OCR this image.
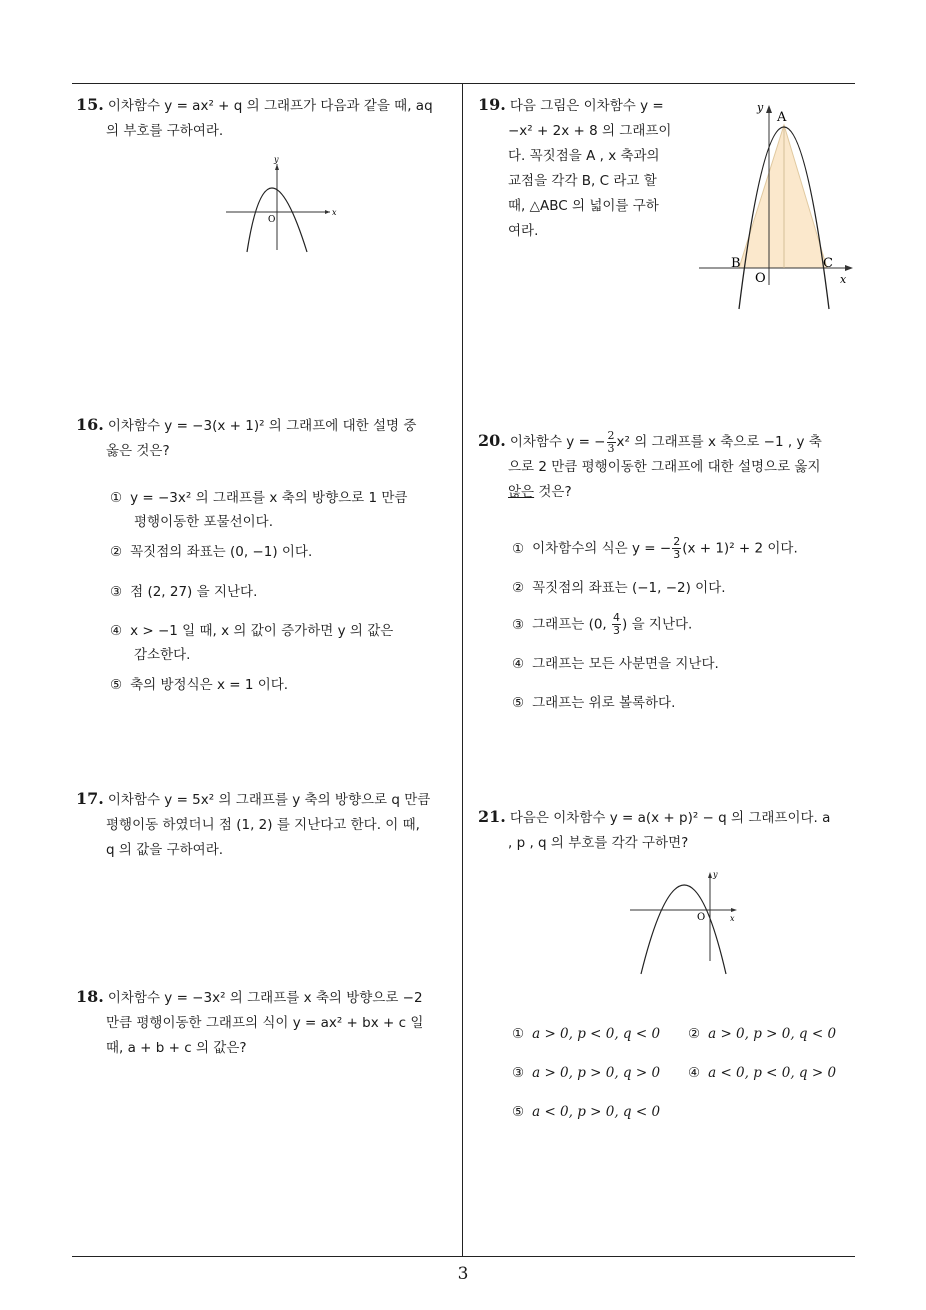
15. 이차함수 y = ax² + q 의 그래프가 다음과 같을 때, aq
의 부호를 구하여라.
y
x
O
16. 이차함수 y = −3(x + 1)² 의 그래프에 대한 설명 중
옳은 것은?
① y = −3x² 의 그래프를 x 축의 방향으로 1 만큼
평행이동한 포물선이다.
② 꼭짓점의 좌표는 (0, −1) 이다.
③ 점 (2, 27) 을 지난다.
④ x > −1 일 때, x 의 값이 증가하면 y 의 값은
감소한다.
⑤ 축의 방정식은 x = 1 이다.
17. 이차함수 y = 5x² 의 그래프를 y 축의 방향으로 q 만큼
평행이동 하였더니 점 (1, 2) 를 지난다고 한다. 이 때,
q 의 값을 구하여라.
18. 이차함수 y = −3x² 의 그래프를 x 축의 방향으로 −2
만큼 평행이동한 그래프의 식이 y = ax² + bx + c 일
때, a + b + c 의 값은?
19. 다음 그림은 이차함수 y =
−x² + 2x + 8 의 그래프이
다. 꼭짓점을 A , x 축과의
교점을 각각 B, C 라고 할
때, △ABC 의 넓이를 구하
여라.
y
A
B	C
O	x
20. 이차함수 y = − $\frac{2}{3} x^2$ 의 그래프를 x 축으로 −1 , y 축
으로 2 만큼 평행이동한 그래프에 대한 설명으로 옳지
않은 것은?
① 이차함수의 식은 y = − $\frac{2}{3} (x + 1)^2 + 2$ 이다.
② 꼭짓점의 좌표는 (−1, −2) 이다.
③ 그래프는 (0, $\frac{4}{3}$ ) 을 지난다.
④ 그래프는 모든 사분면을 지난다.
⑤ 그래프는 위로 볼록하다.
21. 다음은 이차함수 y = a(x + p)² − q 의 그래프이다. a
, p , q 의 부호를 각각 구하면?
y
x
O
① a > 0, p < 0, q < 0 ② a > 0, p > 0, q < 0
③ a > 0, p > 0, q > 0 ④ a < 0, p < 0, q > 0
⑤ a < 0, p > 0, q < 0
3
